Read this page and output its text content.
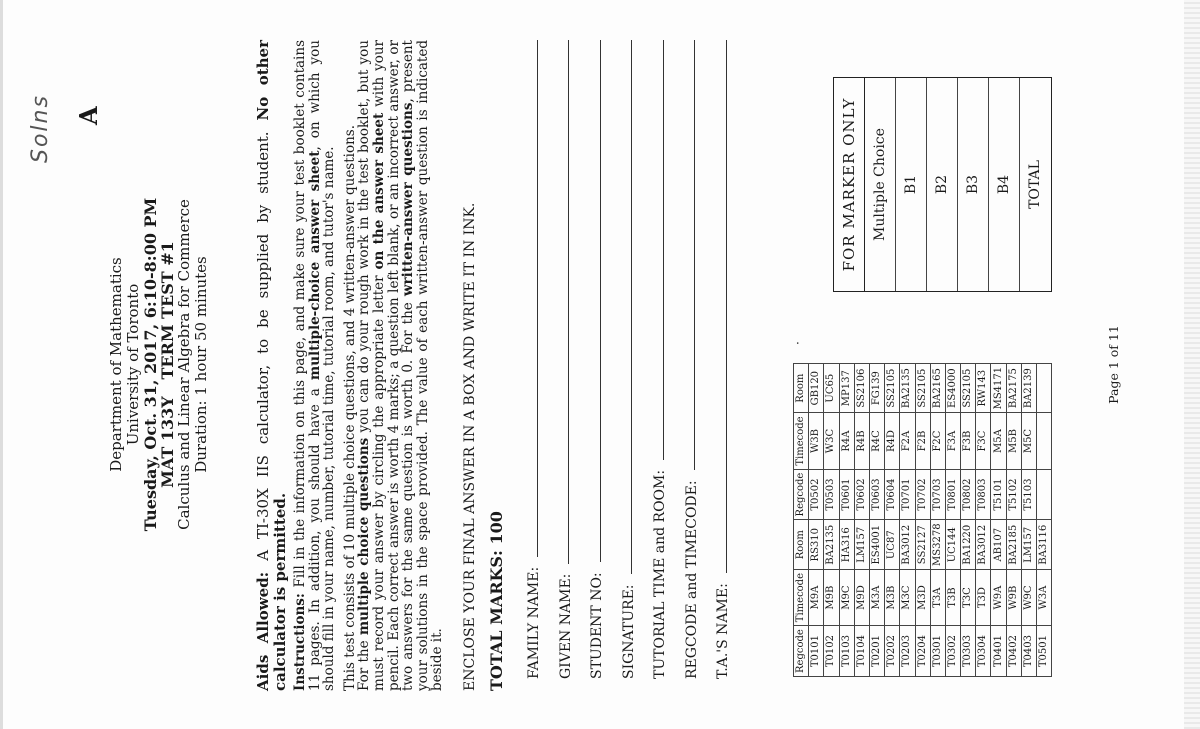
Solns A
Department of Mathematics University of Toronto Tuesday, Oct. 31, 2017, 6:10-8:00 PM
MAT 133Y   TERM TEST #1
Calculus and Linear Algebra for Commerce Duration: 1 hour 50 minutes

Aids Allowed: A TI-30X IIS calculator, to be supplied by student. No other calculator is permitted. Instructions: Fill in the information on this page, and make sure your test booklet contains 11 pages. In addition, you should have a multiple-choice answer sheet, on which you should fill in your name, number, tutorial time, tutorial room, and tutor's name. This test consists of 10 multiple choice questions, and 4 written-answer questions.
For the multiple choice questions you can do your rough work in the test booklet, but you must record your answer by circling the appropriate letter on the answer sheet with your pencil. Each correct answer is worth 4 marks; a question left blank, or an incorrect answer, or two answers for the same question is worth 0. For the written-answer questions, present your solutions in the space provided. The value of each written-answer question is indicated beside it. ENCLOSE YOUR FINAL ANSWER IN A BOX AND WRITE IT IN INK. TOTAL MARKS: 100 FAMILY NAME: GIVEN NAME: STUDENT NO: SIGNATURE: TUTORIAL TIME and ROOM: REGCODE and TIMECODE: T.A.'S NAME:	Regcode	Timecode	Room	Regcode	Timecode	Room
T0101	M9A	RS310	T0502	W3B	GB120
T0102	M9B	BA2135	T0503	W3C	UC65
T0103	M9C	HA316	T0601	R4A	MP137
T0104	M9D	LM157	T0602	R4B	SS2106
T0201	M3A	ES4001	T0603	R4C	FG139
T0202	M3B	UC87	T0604	R4D	SS2105
T0203	M3C	BA3012	T0701	F2A	BA2135
T0204	M3D	SS2127	T0702	F2B	SS2105
T0301	T3A	MS3278	T0703	F2C	BA2165
T0302	T3B	UC144	T0801	F3A	ES4000
T0303	T3C	BA1220	T0802	F3B	SS2105
T0304	T3D	BA3012	T0803	F3C	RW143
T0401	W9A	AB107	T5101	M5A	MS4171
T0402	W9B	BA2185	T5102	M5B	BA2175
T0403	W9C	LM157	T5103	M5C	BA2139
T0501	W3A	BA3116			
·
FOR MARKER ONLY	Multiple Choice	B1	B2	B3	B4	TOTAL
Page 1 of 11
